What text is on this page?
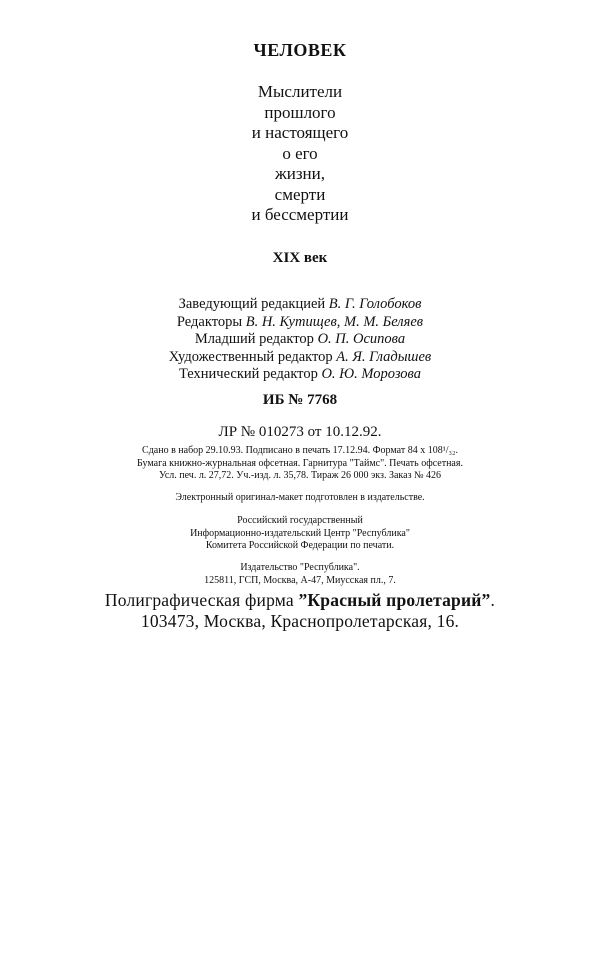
ЧЕЛОВЕК
Мыслители
прошлого
и настоящего
о его
жизни,
смерти
и бессмертии
XIX век
Заведующий редакцией В. Г. Голобоков
Редакторы В. Н. Кутищев, М. М. Беляев
Младший редактор О. П. Осипова
Художественный редактор А. Я. Гладышев
Технический редактор О. Ю. Морозова
ИБ № 7768
ЛР № 010273 от 10.12.92.
Сдано в набор 29.10.93. Подписано в печать 17.12.94. Формат 84 x 108¹/₃₂.
Бумага книжно-журнальная офсетная. Гарнитура "Таймс". Печать офсетная.
Усл. печ. л. 27,72. Уч.-изд. л. 35,78. Тираж 26 000 экз. Заказ № 426
Электронный оригинал-макет подготовлен в издательстве.
Российский государственный
Информационно-издательский Центр "Республика"
Комитета Российской Федерации по печати.
Издательство "Республика".
125811, ГСП, Москва, А-47, Миусская пл., 7.
Полиграфическая фирма ”Красный пролетарий”.
103473, Москва, Краснопролетарская, 16.
